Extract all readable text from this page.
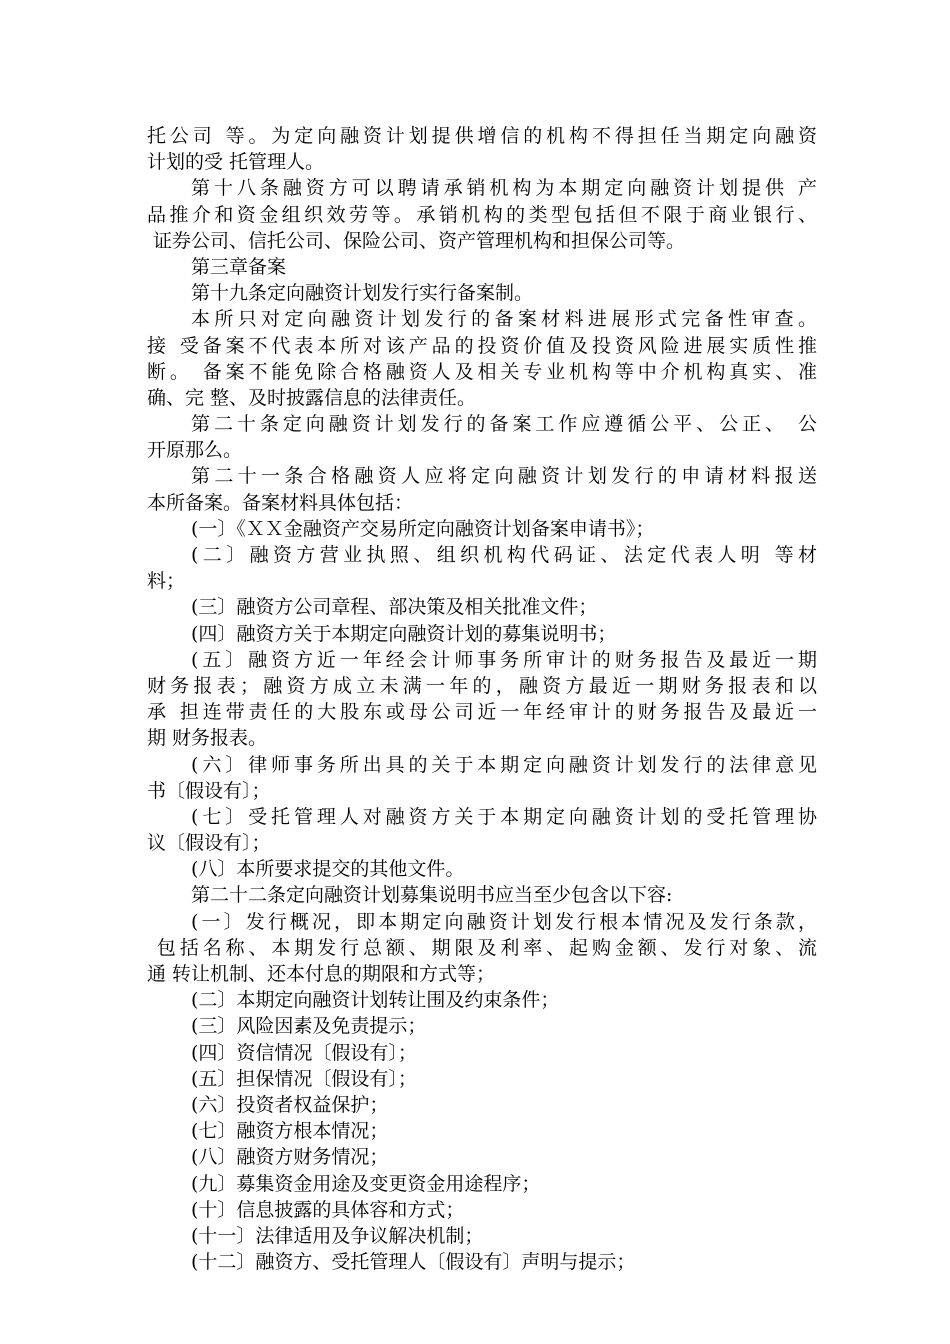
托公司 等。为定向融资计划提供增信的机构不得担任当期定向融资
计划的受 托管理人。
第十八条融资方可以聘请承销机构为本期定向融资计划提供 产
品推介和资金组织效劳等。承销机构的类型包括但不限于商业银行、
证券公司、信托公司、保险公司、资产管理机构和担保公司等。
第三章备案
第十九条定向融资计划发行实行备案制。
本所只对定向融资计划发行的备案材料进展形式完备性审查。
接 受备案不代表本所对该产品的投资价值及投资风险进展实质性推
断。 备案不能免除合格融资人及相关专业机构等中介机构真实、准
确、完 整、及时披露信息的法律责任。
第二十条定向融资计划发行的备案工作应遵循公平、公正、 公
开原那么。
第二十一条合格融资人应将定向融资计划发行的申请材料报送
本所备案。备案材料具体包括：
(一〕《ＸＸ金融资产交易所定向融资计划备案申请书》；
(二〕融资方营业执照、组织机构代码证、法定代表人明 等材
料；
(三〕融资方公司章程、部决策及相关批准文件；
(四〕融资方关于本期定向融资计划的募集说明书；
(五〕融资方近一年经会计师事务所审计的财务报告及最近一期
财务报表；融资方成立未满一年的，融资方最近一期财务报表和以
承 担连带责任的大股东或母公司近一年经审计的财务报告及最近一
期 财务报表。
(六〕律师事务所出具的关于本期定向融资计划发行的法律意见
书〔假设有〕；
(七〕受托管理人对融资方关于本期定向融资计划的受托管理协
议〔假设有〕；
(八〕本所要求提交的其他文件。
第二十二条定向融资计划募集说明书应当至少包含以下容:
(一〕发行概况，即本期定向融资计划发行根本情况及发行条款，
包括名称、本期发行总额、期限及利率、起购金额、发行对象、流
通 转让机制、还本付息的期限和方式等；
(二〕本期定向融资计划转让围及约束条件；
(三〕风险因素及免责提示；
(四〕资信情况〔假设有〕；
(五〕担保情况〔假设有〕；
(六〕投资者权益保护；
(七〕融资方根本情况；
(八〕融资方财务情况；
(九〕募集资金用途及变更资金用途程序；
(十〕信息披露的具体容和方式；
(十一〕法律适用及争议解决机制；
(十二〕融资方、受托管理人〔假设有〕声明与提示；
